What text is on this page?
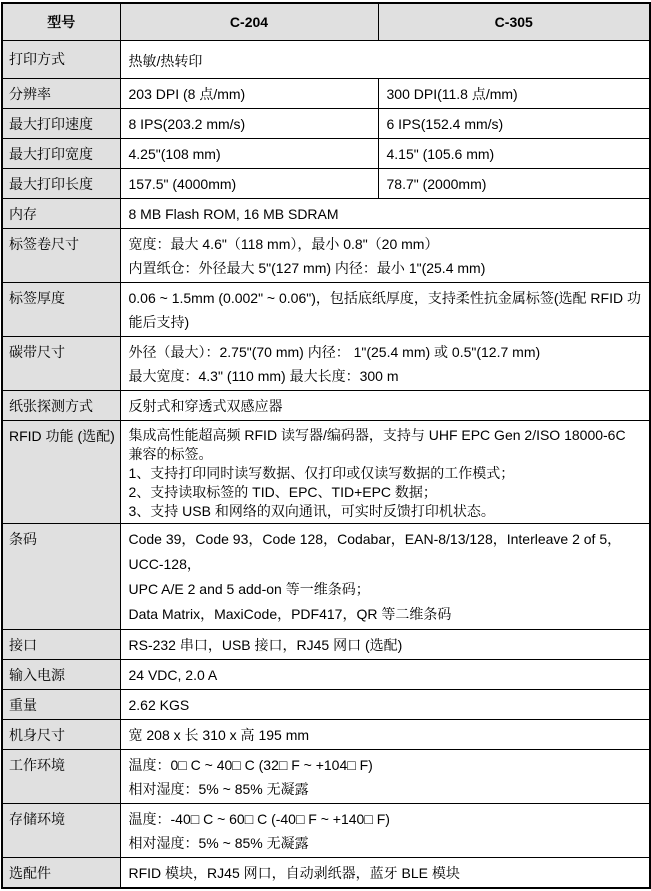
型号	C-204	C-305
打印方式	热敏/热转印	

分辨率	203 DPI (8 点/mm)	300 DPI(11.8 点/mm)

最大打印速度	8 IPS(203.2 mm/s)	6 IPS(152.4 mm/s)

最大打印宽度	4.25"(108 mm)	4.15" (105.6 mm)

最大打印长度	157.5" (4000mm)	78.7" (2000mm)

内存	8 MB Flash ROM, 16 MB SDRAM	

标签卷尺寸	宽度：最大 4.6"（118 mm），最小 0.8"（20 mm）
内置纸仓：外径最大 5"(127 mm) 内径：最小 1"(25.4 mm)	

标签厚度	0.06 ~ 1.5mm (0.002" ~ 0.06")，包括底纸厚度，支持柔性抗金属标签(选配 RFID 功能后支持)	

碳带尺寸	外径（最大）：2.75"(70 mm) 内径： 1"(25.4 mm) 或 0.5"(12.7 mm)
最大宽度：4.3" (110 mm) 最大长度：300 m	

纸张探测方式	反射式和穿透式双感应器	

RFID 功能 (选配)	集成高性能超高频 RFID 读写器/编码器，支持与 UHF EPC Gen 2/ISO 18000-6C 兼容的标签。
1、支持打印同时读写数据、仅打印或仅读写数据的工作模式；
2、支持读取标签的 TID、EPC、TID+EPC 数据；
3、支持 USB 和网络的双向通讯，可实时反馈打印机状态。	

条码	Code 39，Code 93，Code 128，Codabar，EAN-8/13/128，Interleave 2 of 5，UCC-128，
UPC A/E 2 and 5 add-on 等一维条码；
Data Matrix，MaxiCode，PDF417，QR 等二维条码	

接口	RS-232 串口，USB 接口，RJ45 网口 (选配)	

输入电源	24 VDC, 2.0 A	

重量	2.62 KGS	

机身尺寸	宽 208 x 长 310 x 高 195 mm	

工作环境	温度：0□ C ~ 40□ C (32□ F ~ +104□ F)
相对湿度：5% ~ 85% 无凝露	

存储环境	温度：-40□ C ~ 60□ C (-40□ F ~ +140□ F)
相对湿度：5% ~ 85% 无凝露	

选配件	RFID 模块，RJ45 网口，自动剥纸器，蓝牙 BLE 模块	
